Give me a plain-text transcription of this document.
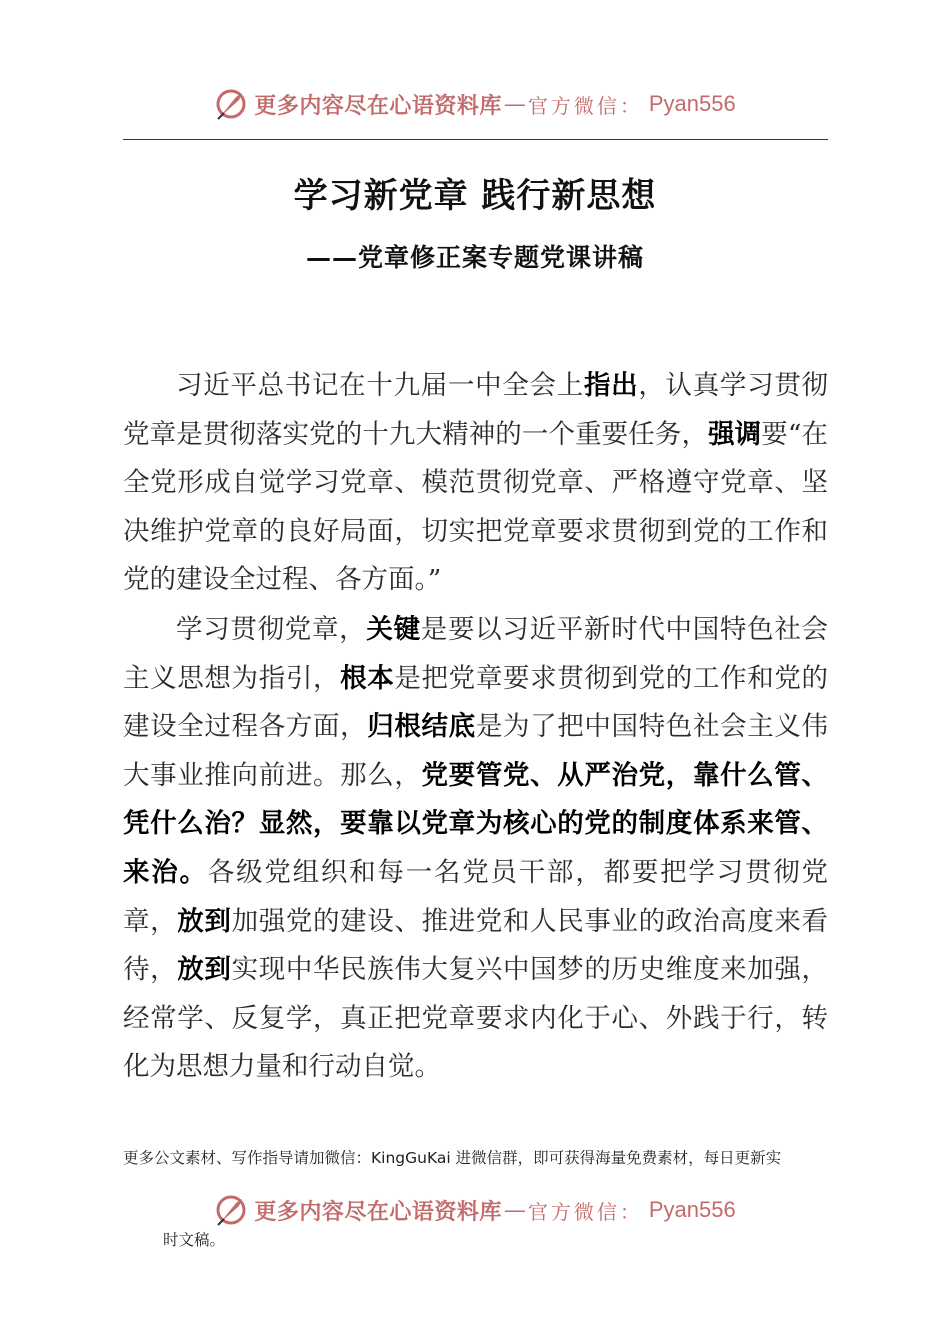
更多内容尽在心语资料库 — 官方微信： Pyan556
学习新党章 践行新思想
——党章修正案专题党课讲稿

习近平总书记在十九届一中全会上指出，认真学习贯彻党章是贯彻落实党的十九大精神的一个重要任务，强调要“在全党形成自觉学习党章、模范贯彻党章、严格遵守党章、坚决维护党章的良好局面，切实把党章要求贯彻到党的工作和党的建设全过程、各方面。”

学习贯彻党章，关键是要以习近平新时代中国特色社会主义思想为指引，根本是把党章要求贯彻到党的工作和党的建设全过程各方面，归根结底是为了把中国特色社会主义伟大事业推向前进。那么，党要管党、从严治党，靠什么管、凭什么治？显然，要靠以党章为核心的党的制度体系来管、来治。各级党组织和每一名党员干部，都要把学习贯彻党章，放到加强党的建设、推进党和人民事业的政治高度来看待，放到实现中华民族伟大复兴中国梦的历史维度来加强，经常学、反复学，真正把党章要求内化于心、外践于行，转化为思想力量和行动自觉。

更多公文素材、写作指导请加微信：KingGuKai 进微信群，即可获得海量免费素材，每日更新实
更多内容尽在心语资料库 — 官方微信： Pyan556
时文稿。
